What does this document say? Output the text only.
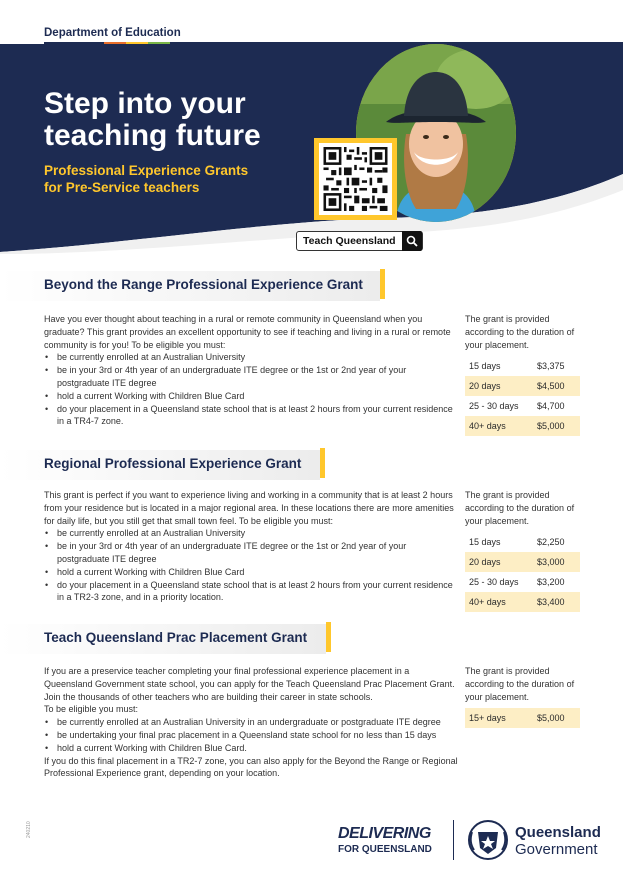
Department of Education
Step into your
teaching future
Professional Experience Grants
for Pre-Service teachers
Teach Queensland
Beyond the Range Professional Experience Grant

Have you ever thought about teaching in a rural or remote community in Queensland when you graduate? This grant provides an excellent opportunity to see if teaching and living in a rural or remote community is for you! To be eligible you must:

• be currently enrolled at an Australian University
• be in your 3rd or 4th year of an undergraduate ITE degree or the 1st or 2nd year of your postgraduate ITE degree
• hold a current Working with Children Blue Card
• do your placement in a Queensland state school that is at least 2 hours from your current residence in a TR4-7 zone.
The grant is provided according to the duration of your placement.
15 days	$3,375
20 days	$4,500
25 - 30 days	$4,700
40+ days	$5,000
Regional Professional Experience Grant

This grant is perfect if you want to experience living and working in a community that is at least 2 hours from your residence but is located in a major regional area. In these locations there are more amenities for daily life, but you still get that small town feel. To be eligible you must:

• be currently enrolled at an Australian University
• be in your 3rd or 4th year of an undergraduate ITE degree or the 1st or 2nd year of your postgraduate ITE degree
• hold a current Working with Children Blue Card
• do your placement in a Queensland state school that is at least 2 hours from your current residence in a TR2-3 zone, and in a priority location.
The grant is provided according to the duration of your placement.
15 days	$2,250
20 days	$3,000
25 - 30 days	$3,200
40+ days	$3,400
Teach Queensland Prac Placement Grant

If you are a preservice teacher completing your final professional experience placement in a Queensland Government state school, you can apply for the Teach Queensland Prac Placement Grant. Join the thousands of other teachers who are building their career in state schools.

To be eligible you must:

• be currently enrolled at an Australian University in an undergraduate or postgraduate ITE degree
• be undertaking your final prac placement in a Queensland state school for no less than 15 days
• hold a current Working with Children Blue Card.

If you do this final placement in a TR2-7 zone, you can also apply for the Beyond the Range or Regional Professional Experience grant, depending on your location.

The grant is provided according to the duration of your placement.
15+ days	$5,000
240210	DELIVERING
FOR QUEENSLAND
Queensland
Government
